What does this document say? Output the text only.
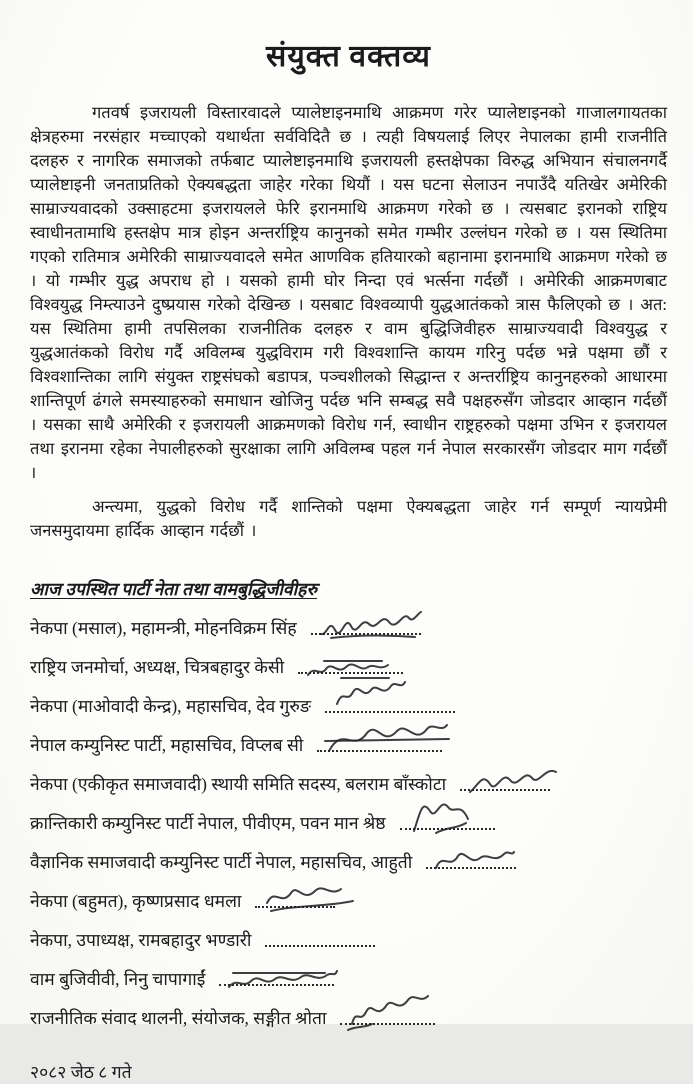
संयुक्त वक्तव्य

गतवर्ष इजरायली विस्तारवादले प्यालेष्टाइनमाथि आक्रमण गरेर प्यालेष्टाइनको गाजालगायतका क्षेत्रहरुमा नरसंहार मच्चाएको यथार्थता सर्वविदितै छ । त्यही विषयलाई लिएर नेपालका हामी राजनीति दलहरु र नागरिक समाजको तर्फबाट प्यालेष्टाइनमाथि इजरायली हस्तक्षेपका विरुद्ध अभियान संचालनगर्दै प्यालेष्टाइनी जनताप्रतिको ऐक्यबद्धता जाहेर गरेका थियौं । यस घटना सेलाउन नपाउँदै यतिखेर अमेरिकी साम्राज्यवादको उक्साहटमा इजरायलले फेरि इरानमाथि आक्रमण गरेको छ । त्यसबाट इरानको राष्ट्रिय स्वाधीनतामाथि हस्तक्षेप मात्र होइन अन्तर्राष्ट्रिय कानुनको समेत गम्भीर उल्लंघन गरेको छ । यस स्थितिमा गएको रातिमात्र अमेरिकी साम्राज्यवादले समेत आणविक हतियारको बहानामा इरानमाथि आक्रमण गरेको छ । यो गम्भीर युद्ध अपराध हो । यसको हामी घोर निन्दा एवं भर्त्सना गर्दछौं । अमेरिकी आक्रमणबाट विश्वयुद्ध निम्त्याउने दुष्प्रयास गरेको देखिन्छ । यसबाट विश्वव्यापी युद्धआतंकको त्रास फैलिएको छ । अत: यस स्थितिमा हामी तपसिलका राजनीतिक दलहरु र वाम बुद्धिजिवीहरु साम्राज्यवादी विश्वयुद्ध र युद्धआतंकको विरोध गर्दै अविलम्ब युद्धविराम गरी विश्वशान्ति कायम गरिनु पर्दछ भन्ने पक्षमा छौं र विश्वशान्तिका लागि संयुक्त राष्ट्रसंघको बडापत्र, पञ्चशीलको सिद्धान्त र अन्तर्राष्ट्रिय कानुनहरुको आधारमा शान्तिपूर्ण ढंगले समस्याहरुको समाधान खोजिनु पर्दछ भनि सम्बद्ध सवै पक्षहरुसँग जोडदार आव्हान गर्दछौं । यसका साथै अमेरिकी र इजरायली आक्रमणको विरोध गर्न, स्वाधीन राष्ट्रहरुको पक्षमा उभिन र इजरायल तथा इरानमा रहेका नेपालीहरुको सुरक्षाका लागि अविलम्ब पहल गर्न नेपाल सरकारसँग जोडदार माग गर्दछौं ।

अन्त्यमा, युद्धको विरोध गर्दै शान्तिको पक्षमा ऐक्यबद्धता जाहेर गर्न सम्पूर्ण न्यायप्रेमी जनसमुदायमा हार्दिक आव्हान गर्दछौं ।

आज उपस्थित पार्टी नेता तथा वामबुद्धिजीवीहरु
नेकपा (मसाल), महामन्त्री, मोहनविक्रम सिंह
राष्ट्रिय जनमोर्चा, अध्यक्ष, चित्रबहादुर केसी
नेकपा (माओवादी केन्द्र), महासचिव, देव गुरुङ
नेपाल कम्युनिस्ट पार्टी, महासचिव, विप्लब सी
नेकपा (एकीकृत समाजवादी) स्थायी समिति सदस्य, बलराम बाँस्कोटा
क्रान्तिकारी कम्युनिस्ट पार्टी नेपाल, पीवीएम, पवन मान श्रेष्ठ
वैज्ञानिक समाजवादी कम्युनिस्ट पार्टी नेपाल, महासचिव, आहुती
नेकपा (बहुमत), कृष्णप्रसाद धमला
नेकपा, उपाध्यक्ष, रामबहादुर भण्डारी
वाम बुजिवीवी, निनु चापागाईं
राजनीतिक संवाद थालनी, संयोजक, सङ्गीत श्रोता
२०८२ जेठ ८ गते
